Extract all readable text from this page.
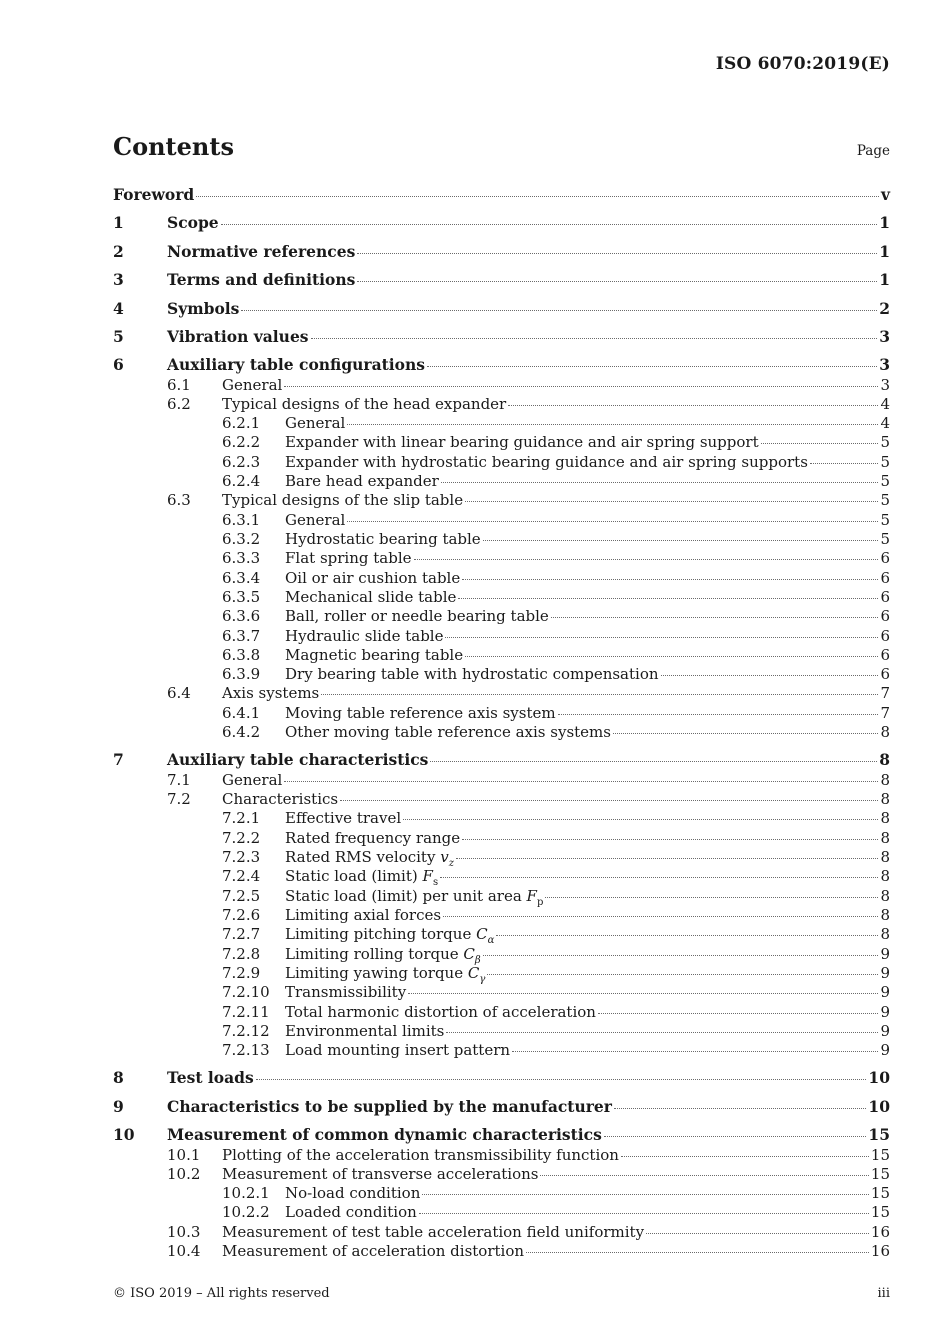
ISO 6070:2019(E)
Contents	Page
Foreword	v
1	Scope	1
2	Normative references	1
3	Terms and definitions	1
4	Symbols	2
5	Vibration values	3
6	Auxiliary table configurations	3
6.1 General	3
6.2 Typical designs of the head expander	4
6.2.1 General	4
6.2.2 Expander with linear bearing guidance and air spring support	5
6.2.3 Expander with hydrostatic bearing guidance and air spring supports	5
6.2.4 Bare head expander	5
6.3 Typical designs of the slip table	5
6.3.1 General	5
6.3.2 Hydrostatic bearing table	5
6.3.3 Flat spring table	6
6.3.4 Oil or air cushion table	6
6.3.5 Mechanical slide table	6
6.3.6 Ball, roller or needle bearing table	6
6.3.7 Hydraulic slide table	6
6.3.8 Magnetic bearing table	6
6.3.9 Dry bearing table with hydrostatic compensation	6
6.4 Axis systems	7
6.4.1 Moving table reference axis system	7
6.4.2 Other moving table reference axis systems	8
7	Auxiliary table characteristics	8
7.1 General	8
7.2 Characteristics	8
7.2.1 Effective travel	8
7.2.2 Rated frequency range	8
7.2.3 Rated RMS velocity $v_z$	8
7.2.4 Static load (limit) $F_s$	8
7.2.5 Static load (limit) per unit area $F_p$	8
7.2.6 Limiting axial forces	8
7.2.7 Limiting pitching torque $C_\alpha$	8
7.2.8 Limiting rolling torque $C_\beta$	9
7.2.9 Limiting yawing torque $C_\gamma$	9
7.2.10 Transmissibility	9
7.2.11 Total harmonic distortion of acceleration	9
7.2.12 Environmental limits	9
7.2.13 Load mounting insert pattern	9
8	Test loads	10
9	Characteristics to be supplied by the manufacturer	10
10 Measurement of common dynamic characteristics	15
10.1 Plotting of the acceleration transmissibility function	15
10.2 Measurement of transverse accelerations	15
10.2.1 No-load condition	15
10.2.2 Loaded condition	15
10.3 Measurement of test table acceleration field uniformity	16
10.4 Measurement of acceleration distortion	16
© ISO 2019 – All rights reserved	iii
